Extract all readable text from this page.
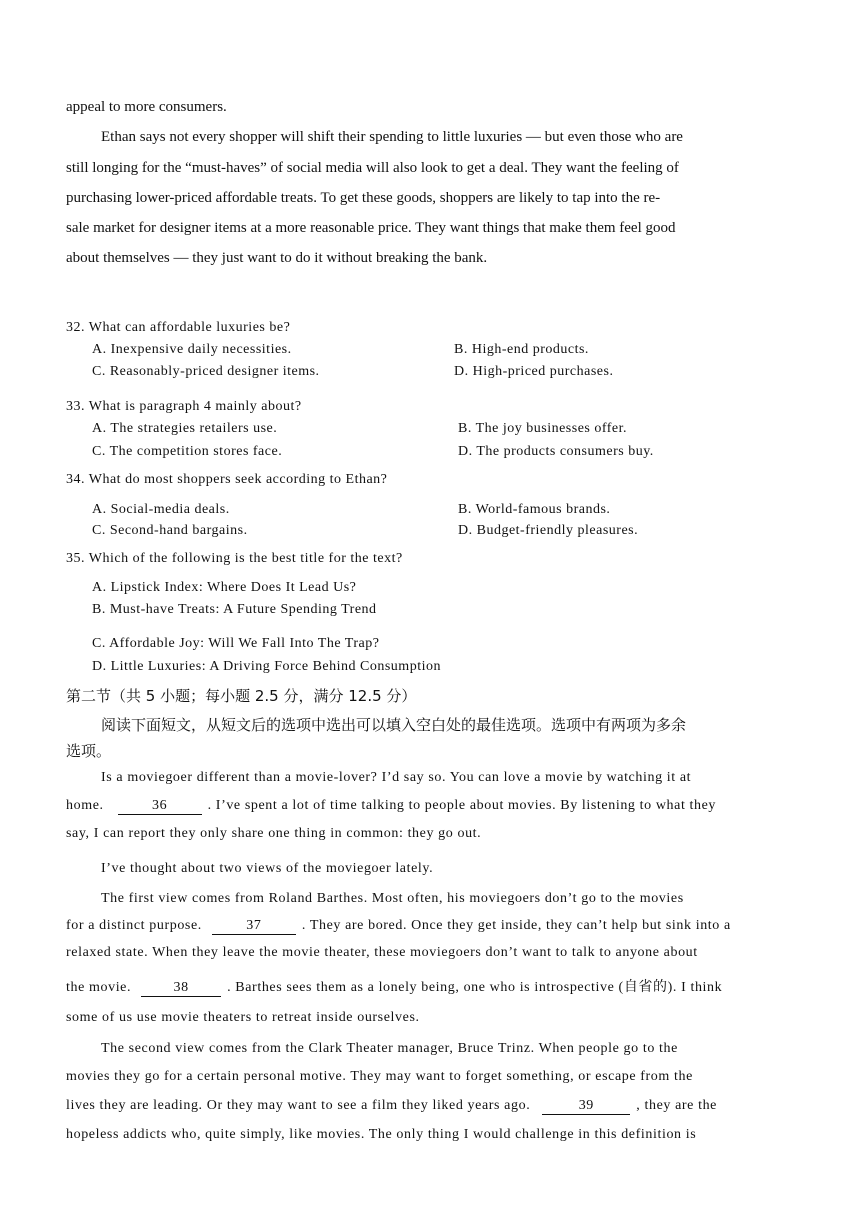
appeal to more consumers.
Ethan says not every shopper will shift their spending to little luxuries — but even those who are
still longing for the “must-haves” of social media will also look to get a deal. They want the feeling of
purchasing lower-priced affordable treats. To get these goods, shoppers are likely to tap into the re-
sale market for designer items at a more reasonable price. They want things that make them feel good
about themselves — they just want to do it without breaking the bank.
32. What can affordable luxuries be?
A. Inexpensive daily necessities.	B. High-end products.
C. Reasonably-priced designer items.	D. High-priced purchases.
33. What is paragraph 4 mainly about?
A. The strategies retailers use.	B. The joy businesses offer.
C. The competition stores face.	D. The products consumers buy.
34. What do most shoppers seek according to Ethan?
A. Social-media deals.	B. World-famous brands.
C. Second-hand bargains.	D. Budget-friendly pleasures.
35. Which of the following is the best title for the text?
A. Lipstick Index: Where Does It Lead Us?
B. Must-have Treats: A Future Spending Trend
C. Affordable Joy: Will We Fall Into The Trap?
D. Little Luxuries: A Driving Force Behind Consumption
第二节（共 5 小题；每小题 2.5 分，满分 12.5 分）
阅读下面短文，从短文后的选项中选出可以填入空白处的最佳选项。选项中有两项为多余
选项。
Is a moviegoer different than a movie-lover? I’d say so. You can love a movie by watching it at
home.	36	. I’ve spent a lot of time talking to people about movies. By listening to what they
say, I can report they only share one thing in common: they go out.
I’ve thought about two views of the moviegoer lately.
The first view comes from Roland Barthes. Most often, his moviegoers don’t go to the movies
for a distinct purpose.	37	. They are bored. Once they get inside, they can’t help but sink into a
relaxed state. When they leave the movie theater, these moviegoers don’t want to talk to anyone about
the movie.	38	. Barthes sees them as a lonely being, one who is introspective (自省的). I think
some of us use movie theaters to retreat inside ourselves.
The second view comes from the Clark Theater manager, Bruce Trinz. When people go to the
movies they go for a certain personal motive. They may want to forget something, or escape from the
lives they are leading. Or they may want to see a film they liked years ago.	39	, they are the
hopeless addicts who, quite simply, like movies. The only thing I would challenge in this definition is
